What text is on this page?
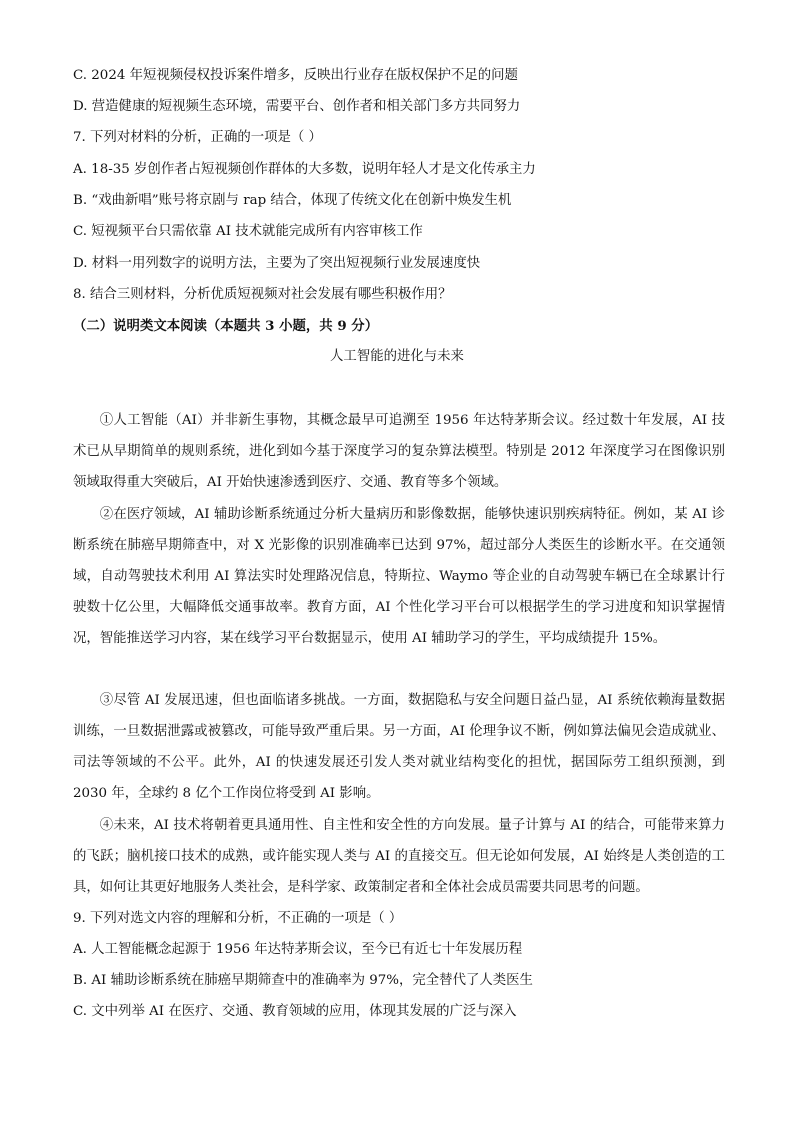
C. 2024 年短视频侵权投诉案件增多，反映出行业存在版权保护不足的问题
D. 营造健康的短视频生态环境，需要平台、创作者和相关部门多方共同努力
7. 下列对材料的分析，正确的一项是（ ）
A. 18-35 岁创作者占短视频创作群体的大多数，说明年轻人才是文化传承主力
B. “戏曲新唱”账号将京剧与 rap 结合，体现了传统文化在创新中焕发生机
C. 短视频平台只需依靠 AI 技术就能完成所有内容审核工作
D. 材料一用列数字的说明方法，主要为了突出短视频行业发展速度快
8. 结合三则材料，分析优质短视频对社会发展有哪些积极作用？
（二）说明类文本阅读（本题共 3 小题，共 9 分）
人工智能的进化与未来

①人工智能（AI）并非新生事物，其概念最早可追溯至 1956 年达特茅斯会议。经过数十年发展，AI 技术已从早期简单的规则系统，进化到如今基于深度学习的复杂算法模型。特别是 2012 年深度学习在图像识别领域取得重大突破后，AI 开始快速渗透到医疗、交通、教育等多个领域。

②在医疗领域，AI 辅助诊断系统通过分析大量病历和影像数据，能够快速识别疾病特征。例如，某 AI 诊断系统在肺癌早期筛查中，对 X 光影像的识别准确率已达到 97%，超过部分人类医生的诊断水平。在交通领域，自动驾驶技术利用 AI 算法实时处理路况信息，特斯拉、Waymo 等企业的自动驾驶车辆已在全球累计行驶数十亿公里，大幅降低交通事故率。教育方面，AI 个性化学习平台可以根据学生的学习进度和知识掌握情况，智能推送学习内容，某在线学习平台数据显示，使用 AI 辅助学习的学生，平均成绩提升 15%。

③尽管 AI 发展迅速，但也面临诸多挑战。一方面，数据隐私与安全问题日益凸显，AI 系统依赖海量数据训练，一旦数据泄露或被篡改，可能导致严重后果。另一方面，AI 伦理争议不断，例如算法偏见会造成就业、司法等领域的不公平。此外，AI 的快速发展还引发人类对就业结构变化的担忧，据国际劳工组织预测，到 2030 年，全球约 8 亿个工作岗位将受到 AI 影响。

④未来，AI 技术将朝着更具通用性、自主性和安全性的方向发展。量子计算与 AI 的结合，可能带来算力的飞跃；脑机接口技术的成熟，或许能实现人类与 AI 的直接交互。但无论如何发展，AI 始终是人类创造的工具，如何让其更好地服务人类社会，是科学家、政策制定者和全体社会成员需要共同思考的问题。

9. 下列对选文内容的理解和分析，不正确的一项是（ ）
A. 人工智能概念起源于 1956 年达特茅斯会议，至今已有近七十年发展历程
B. AI 辅助诊断系统在肺癌早期筛查中的准确率为 97%，完全替代了人类医生
C. 文中列举 AI 在医疗、交通、教育领域的应用，体现其发展的广泛与深入
